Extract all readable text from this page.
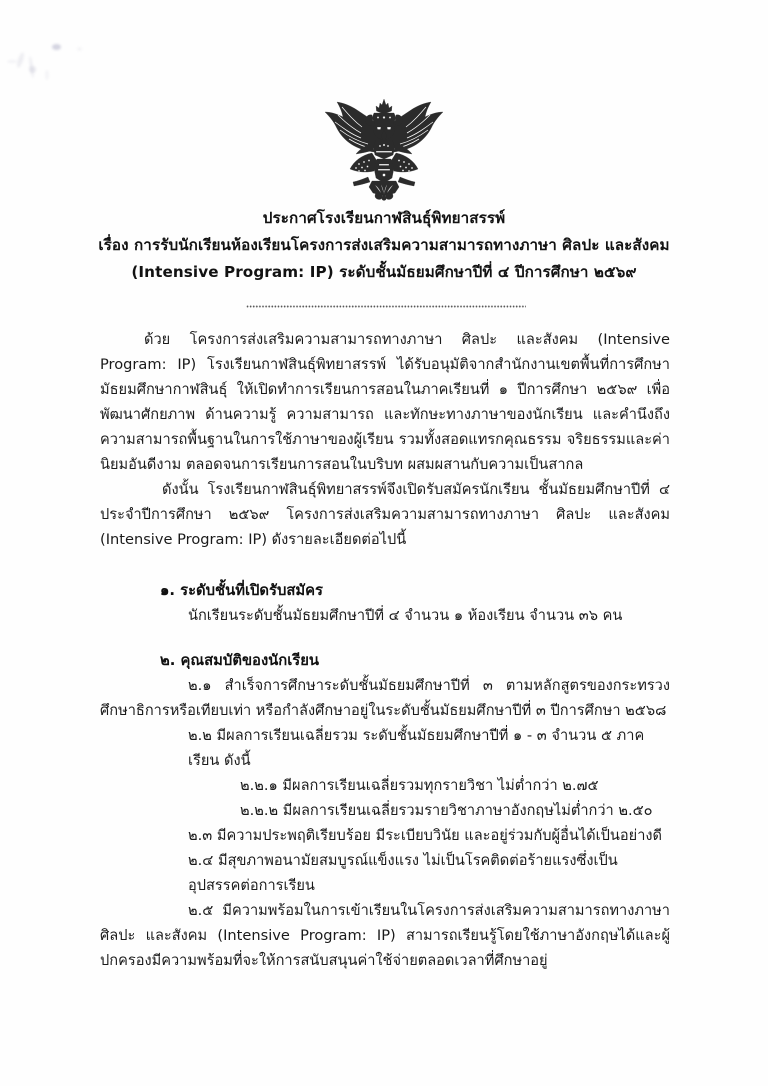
ประกาศโรงเรียนกาฬสินธุ์พิทยาสรรพ์
เรื่อง การรับนักเรียนห้องเรียนโครงการส่งเสริมความสามารถทางภาษา ศิลปะ และสังคม
(Intensive Program: IP) ระดับชั้นมัธยมศึกษาปีที่ ๔ ปีการศึกษา ๒๕๖๙

ด้วย โครงการส่งเสริมความสามารถทางภาษา ศิลปะ และสังคม (Intensive Program: IP) โรงเรียนกาฬสินธุ์พิทยาสรรพ์ ได้รับอนุมัติจากสำนักงานเขตพื้นที่การศึกษามัธยมศึกษากาฬสินธุ์ ให้เปิดทำการเรียนการสอนในภาคเรียนที่ ๑ ปีการศึกษา ๒๕๖๙ เพื่อพัฒนาศักยภาพ ด้านความรู้ ความสามารถ และทักษะทางภาษาของนักเรียน และคำนึงถึงความสามารถพื้นฐานในการใช้ภาษาของผู้เรียน รวมทั้งสอดแทรกคุณธรรม จริยธรรมและค่านิยมอันดีงาม ตลอดจนการเรียนการสอนในบริบท ผสมผสานกับความเป็นสากล

ดังนั้น โรงเรียนกาฬสินธุ์พิทยาสรรพ์จึงเปิดรับสมัครนักเรียน ชั้นมัธยมศึกษาปีที่ ๔ ประจำปีการศึกษา ๒๕๖๙ โครงการส่งเสริมความสามารถทางภาษา ศิลปะ และสังคม (Intensive Program: IP) ดังรายละเอียดต่อไปนี้

๑. ระดับชั้นที่เปิดรับสมัคร

นักเรียนระดับชั้นมัธยมศึกษาปีที่ ๔ จำนวน ๑ ห้องเรียน จำนวน ๓๖ คน

๒. คุณสมบัติของนักเรียน

๒.๑ สำเร็จการศึกษาระดับชั้นมัธยมศึกษาปีที่ ๓ ตามหลักสูตรของกระทรวงศึกษาธิการหรือเทียบเท่า หรือกำลังศึกษาอยู่ในระดับชั้นมัธยมศึกษาปีที่ ๓ ปีการศึกษา ๒๕๖๘

๒.๒ มีผลการเรียนเฉลี่ยรวม ระดับชั้นมัธยมศึกษาปีที่ ๑ - ๓ จำนวน ๕ ภาคเรียน ดังนี้

๒.๒.๑ มีผลการเรียนเฉลี่ยรวมทุกรายวิชา ไม่ต่ำกว่า ๒.๗๕

๒.๒.๒ มีผลการเรียนเฉลี่ยรวมรายวิชาภาษาอังกฤษไม่ต่ำกว่า ๒.๕๐

๒.๓ มีความประพฤติเรียบร้อย มีระเบียบวินัย และอยู่ร่วมกับผู้อื่นได้เป็นอย่างดี

๒.๔ มีสุขภาพอนามัยสมบูรณ์แข็งแรง ไม่เป็นโรคติดต่อร้ายแรงซึ่งเป็นอุปสรรคต่อการเรียน

๒.๕ มีความพร้อมในการเข้าเรียนในโครงการส่งเสริมความสามารถทางภาษา ศิลปะ และสังคม (Intensive Program: IP) สามารถเรียนรู้โดยใช้ภาษาอังกฤษได้และผู้ปกครองมีความพร้อมที่จะให้การสนับสนุนค่าใช้จ่ายตลอดเวลาที่ศึกษาอยู่
